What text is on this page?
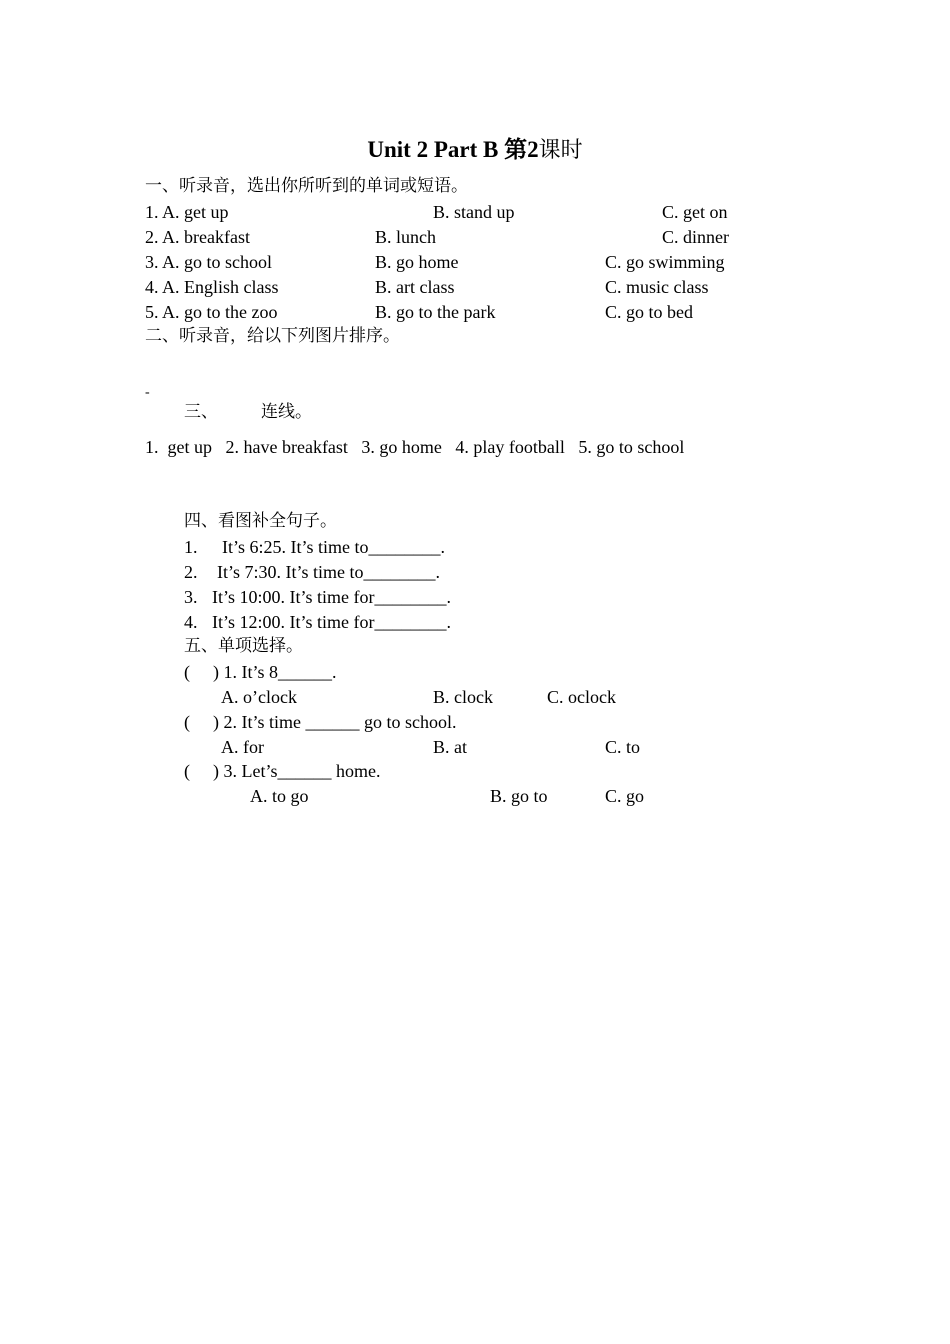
Unit 2 Part B 第2课时
一、听录音，选出你所听到的单词或短语。
1. A. get up	B. stand up	C. get on
2. A. breakfast	B. lunch	C. dinner
3. A. go to school	B. go home	C. go swimming
4. A. English class	B. art class	C. music class
5. A. go to the zoo	B. go to the park	C. go to bed
二、听录音，给以下列图片排序。
-
三、	连线。
1.  get up   2. have breakfast   3. go home   4. play football   5. go to school
四、看图补全句子。
1. It’s 6:25. It’s time to________.
2. It’s 7:30. It’s time to________.
3. It’s 10:00. It’s time for________.
4. It’s 12:00. It’s time for________.
五、单项选择。
( ) 1. It’s 8______.
A. o’clock	B. clock	C. oclock
( ) 2. It’s time ______ go to school.
A. for	B. at	C. to
( ) 3. Let’s______ home.
A. to go	B. go to	C. go
